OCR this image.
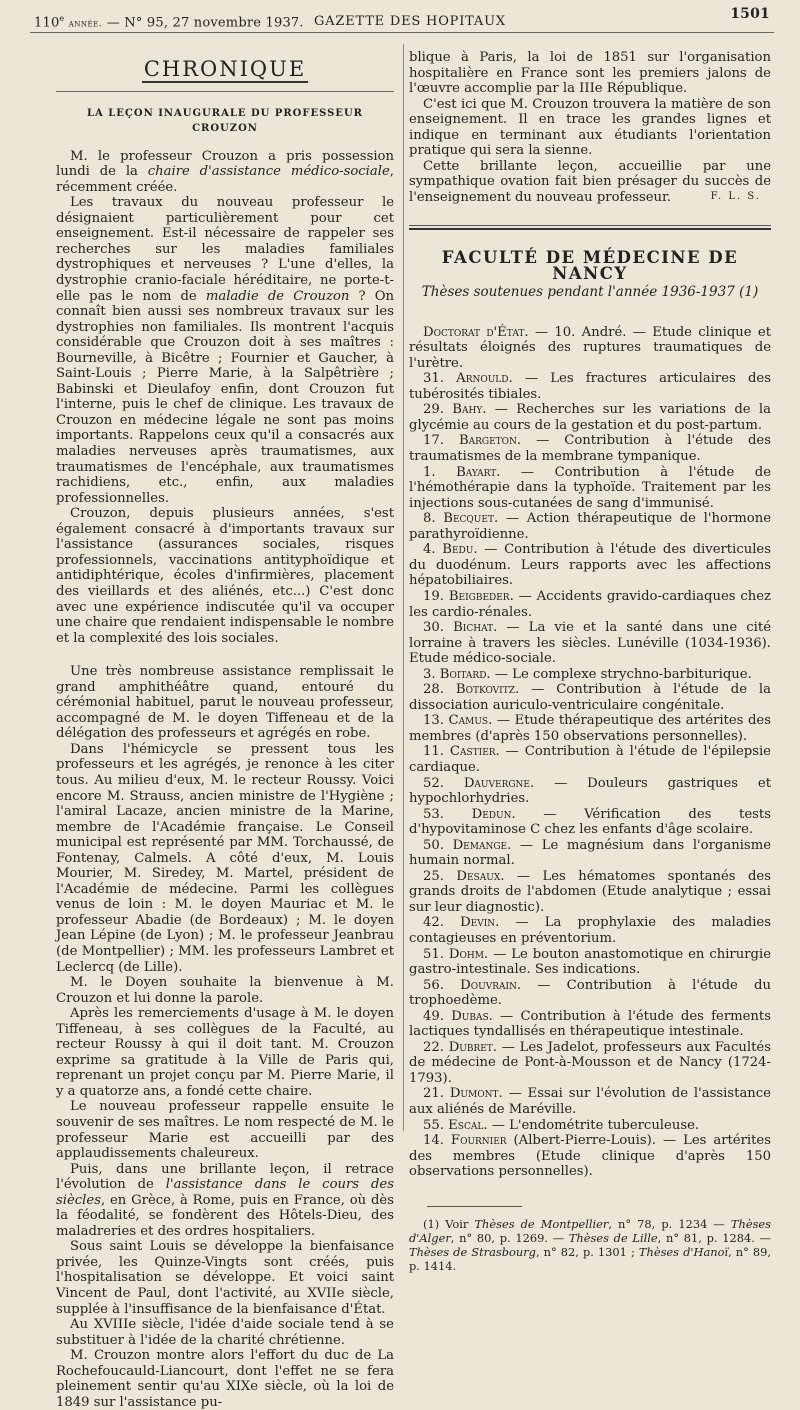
110e année. — N° 95, 27 novembre 1937. GAZETTE DES HOPITAUX	1501
CHRONIQUE
LA LEÇON INAUGURALE DU PROFESSEUR CROUZON

M. le professeur Crouzon a pris possession lundi de la chaire d'assistance médico-sociale, récemment créée.

Les travaux du nouveau professeur le désignaient particulièrement pour cet enseignement. Est-il nécessaire de rappeler ses recherches sur les maladies familiales dystrophiques et nerveuses ? L'une d'elles, la dystrophie cranio-faciale héréditaire, ne porte-t-elle pas le nom de maladie de Crouzon ? On connaît bien aussi ses nombreux travaux sur les dystrophies non familiales. Ils montrent l'acquis considérable que Crouzon doit à ses maîtres : Bourneville, à Bicêtre ; Fournier et Gaucher, à Saint-Louis ; Pierre Marie, à la Salpêtrière ; Babinski et Dieulafoy enfin, dont Crouzon fut l'interne, puis le chef de clinique. Les travaux de Crouzon en médecine légale ne sont pas moins importants. Rappelons ceux qu'il a consacrés aux maladies nerveuses après traumatismes, aux traumatismes de l'encéphale, aux traumatismes rachidiens, etc., enfin, aux maladies professionnelles.

Crouzon, depuis plusieurs années, s'est également consacré à d'importants travaux sur l'assistance (assurances sociales, risques professionnels, vaccinations antityphoïdique et antidiphtérique, écoles d'infirmières, placement des vieillards et des aliénés, etc...) C'est donc avec une expérience indiscutée qu'il va occuper une chaire que rendaient indispensable le nombre et la complexité des lois sociales.

Une très nombreuse assistance remplissait le grand amphithéâtre quand, entouré du cérémonial habituel, parut le nouveau professeur, accompagné de M. le doyen Tiffeneau et de la délégation des professeurs et agrégés en robe.

Dans l'hémicycle se pressent tous les professeurs et les agrégés, je renonce à les citer tous. Au milieu d'eux, M. le recteur Roussy. Voici encore M. Strauss, ancien ministre de l'Hygiène ; l'amiral Lacaze, ancien ministre de la Marine, membre de l'Académie française. Le Conseil municipal est représenté par MM. Torchaussé, de Fontenay, Calmels. A côté d'eux, M. Louis Mourier, M. Siredey, M. Martel, président de l'Académie de médecine. Parmi les collègues venus de loin : M. le doyen Mauriac et M. le professeur Abadie (de Bordeaux) ; M. le doyen Jean Lépine (de Lyon) ; M. le professeur Jeanbrau (de Montpellier) ; MM. les professeurs Lambret et Leclercq (de Lille).

M. le Doyen souhaite la bienvenue à M. Crouzon et lui donne la parole.

Après les remerciements d'usage à M. le doyen Tiffeneau, à ses collègues de la Faculté, au recteur Roussy à qui il doit tant. M. Crouzon exprime sa gratitude à la Ville de Paris qui, reprenant un projet conçu par M. Pierre Marie, il y a quatorze ans, a fondé cette chaire.

Le nouveau professeur rappelle ensuite le souvenir de ses maîtres. Le nom respecté de M. le professeur Marie est accueilli par des applaudissements chaleureux.

Puis, dans une brillante leçon, il retrace l'évolution de l'assistance dans le cours des siècles, en Grèce, à Rome, puis en France, où dès la féodalité, se fondèrent des Hôtels-Dieu, des maladreries et des ordres hospitaliers.

Sous saint Louis se développe la bienfaisance privée, les Quinze-Vingts sont créés, puis l'hospitalisation se développe. Et voici saint Vincent de Paul, dont l'activité, au XVIIe siècle, supplée à l'insuffisance de la bienfaisance d'État.

Au XVIIIe siècle, l'idée d'aide sociale tend à se substituer à l'idée de la charité chrétienne.

M. Crouzon montre alors l'effort du duc de La Rochefoucauld-Liancourt, dont l'effet ne se fera pleinement sentir qu'au XIXe siècle, où la loi de 1849 sur l'assistance pu-

blique à Paris, la loi de 1851 sur l'organisation hospitalière en France sont les premiers jalons de l'œuvre accomplie par la IIIe République.

C'est ici que M. Crouzon trouvera la matière de son enseignement. Il en trace les grandes lignes et indique en terminant aux étudiants l'orientation pratique qui sera la sienne.

Cette brillante leçon, accueillie par une sympathique ovation fait bien présager du succès de l'enseignement du nouveau professeur.	F. L. S.
FACULTÉ DE MÉDECINE DE NANCY
Thèses soutenues pendant l'année 1936-1937 (1)

Doctorat d'État. — 10. André. — Etude clinique et résultats éloignés des ruptures traumatiques de l'urètre.

31. Arnould. — Les fractures articulaires des tubérosités tibiales.

29. Bahy. — Recherches sur les variations de la glycémie au cours de la gestation et du post-partum.

17. Bargeton. — Contribution à l'étude des traumatismes de la membrane tympanique.

1. Bayart. — Contribution à l'étude de l'hémothérapie dans la typhoïde. Traitement par les injections sous-cutanées de sang d'immunisé.

8. Becquet. — Action thérapeutique de l'hormone parathyroïdienne.

4. Bedu. — Contribution à l'étude des diverticules du duodénum. Leurs rapports avec les affections hépatobiliaires.

19. Beigbeder. — Accidents gravido-cardiaques chez les cardio-rénales.

30. Bichat. — La vie et la santé dans une cité lorraine à travers les siècles. Lunéville (1034-1936). Etude médico-sociale.

3. Boitard. — Le complexe strychno-barbiturique.

28. Botkovitz. — Contribution à l'étude de la dissociation auriculo-ventriculaire congénitale.

13. Camus. — Etude thérapeutique des artérites des membres (d'après 150 observations personnelles).

11. Castier. — Contribution à l'étude de l'épilepsie cardiaque.

52. Dauvergne. — Douleurs gastriques et hypochlorhydries.

53. Dedun. — Vérification des tests d'hypovitaminose C chez les enfants d'âge scolaire.

50. Demange. — Le magnésium dans l'organisme humain normal.

25. Desaux. — Les hématomes spontanés des grands droits de l'abdomen (Etude analytique ; essai sur leur diagnostic).

42. Devin. — La prophylaxie des maladies contagieuses en préventorium.

51. Dohm. — Le bouton anastomotique en chirurgie gastro-intestinale. Ses indications.

56. Douvrain. — Contribution à l'étude du trophoedème.

49. Dubas. — Contribution à l'étude des ferments lactiques tyndallisés en thérapeutique intestinale.

22. Dubret. — Les Jadelot, professeurs aux Facultés de médecine de Pont-à-Mousson et de Nancy (1724-1793).

21. Dumont. — Essai sur l'évolution de l'assistance aux aliénés de Maréville.

55. Escal. — L'endométrite tuberculeuse.

14. Fournier (Albert-Pierre-Louis). — Les artérites des membres (Etude clinique d'après 150 observations personnelles).

(1) Voir Thèses de Montpellier, n° 78, p. 1234 — Thèses d'Alger, n° 80, p. 1269. — Thèses de Lille, n° 81, p. 1284. — Thèses de Strasbourg, n° 82, p. 1301 ; Thèses d'Hanoï, n° 89, p. 1414.
